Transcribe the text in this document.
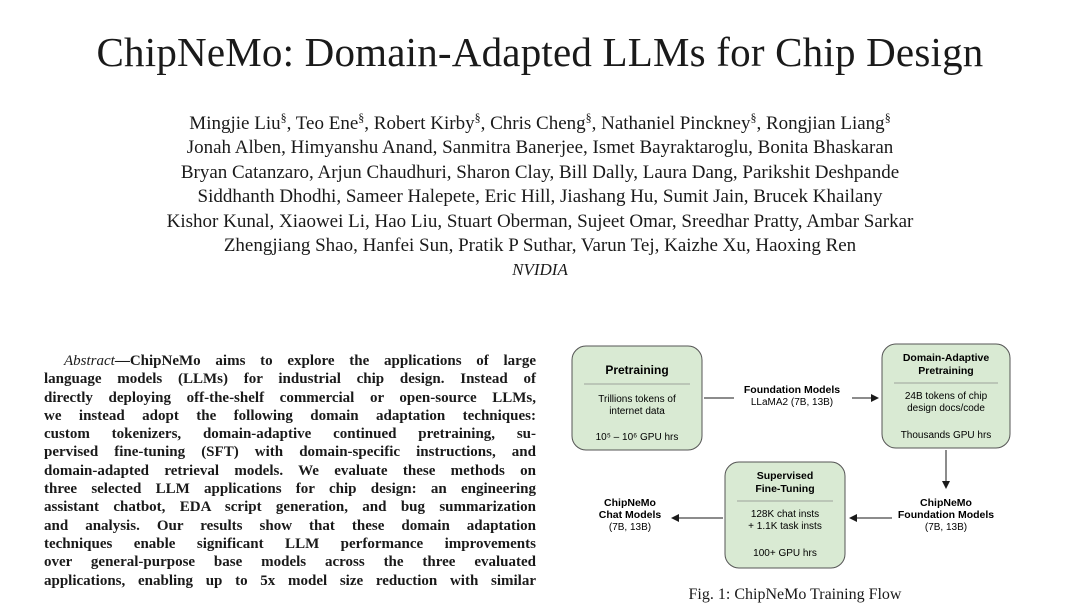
ChipNeMo: Domain-Adapted LLMs for Chip Design
Mingjie Liu§, Teo Ene§, Robert Kirby§, Chris Cheng§, Nathaniel Pinckney§, Rongjian Liang§
Jonah Alben, Himyanshu Anand, Sanmitra Banerjee, Ismet Bayraktaroglu, Bonita Bhaskaran
Bryan Catanzaro, Arjun Chaudhuri, Sharon Clay, Bill Dally, Laura Dang, Parikshit Deshpande
Siddhanth Dhodhi, Sameer Halepete, Eric Hill, Jiashang Hu, Sumit Jain, Brucek Khailany
Kishor Kunal, Xiaowei Li, Hao Liu, Stuart Oberman, Sujeet Omar, Sreedhar Pratty, Ambar Sarkar
Zhengjiang Shao, Hanfei Sun, Pratik P Suthar, Varun Tej, Kaizhe Xu, Haoxing Ren
NVIDIA
Abstract—ChipNeMo aims to explore the applications of large
language models (LLMs) for industrial chip design. Instead of
directly deploying off-the-shelf commercial or open-source LLMs,
we instead adopt the following domain adaptation techniques:
custom tokenizers, domain-adaptive continued pretraining, su-
pervised fine-tuning (SFT) with domain-specific instructions, and
domain-adapted retrieval models. We evaluate these methods on
three selected LLM applications for chip design: an engineering
assistant chatbot, EDA script generation, and bug summarization
and analysis. Our results show that these domain adaptation
techniques enable significant LLM performance improvements
over general-purpose base models across the three evaluated
applications, enabling up to 5x model size reduction with similar
Pretraining
Trillions tokens of
internet data
10⁵ – 10⁶ GPU hrs
Foundation Models
LLaMA2 (7B, 13B)
Domain-Adaptive
Pretraining
24B tokens of chip
design docs/code
Thousands GPU hrs
ChipNeMo
Foundation Models
(7B, 13B)
Supervised
Fine-Tuning
128K chat insts
+ 1.1K task insts
100+ GPU hrs
ChipNeMo
Chat Models
(7B, 13B)
Fig. 1: ChipNeMo Training Flow
